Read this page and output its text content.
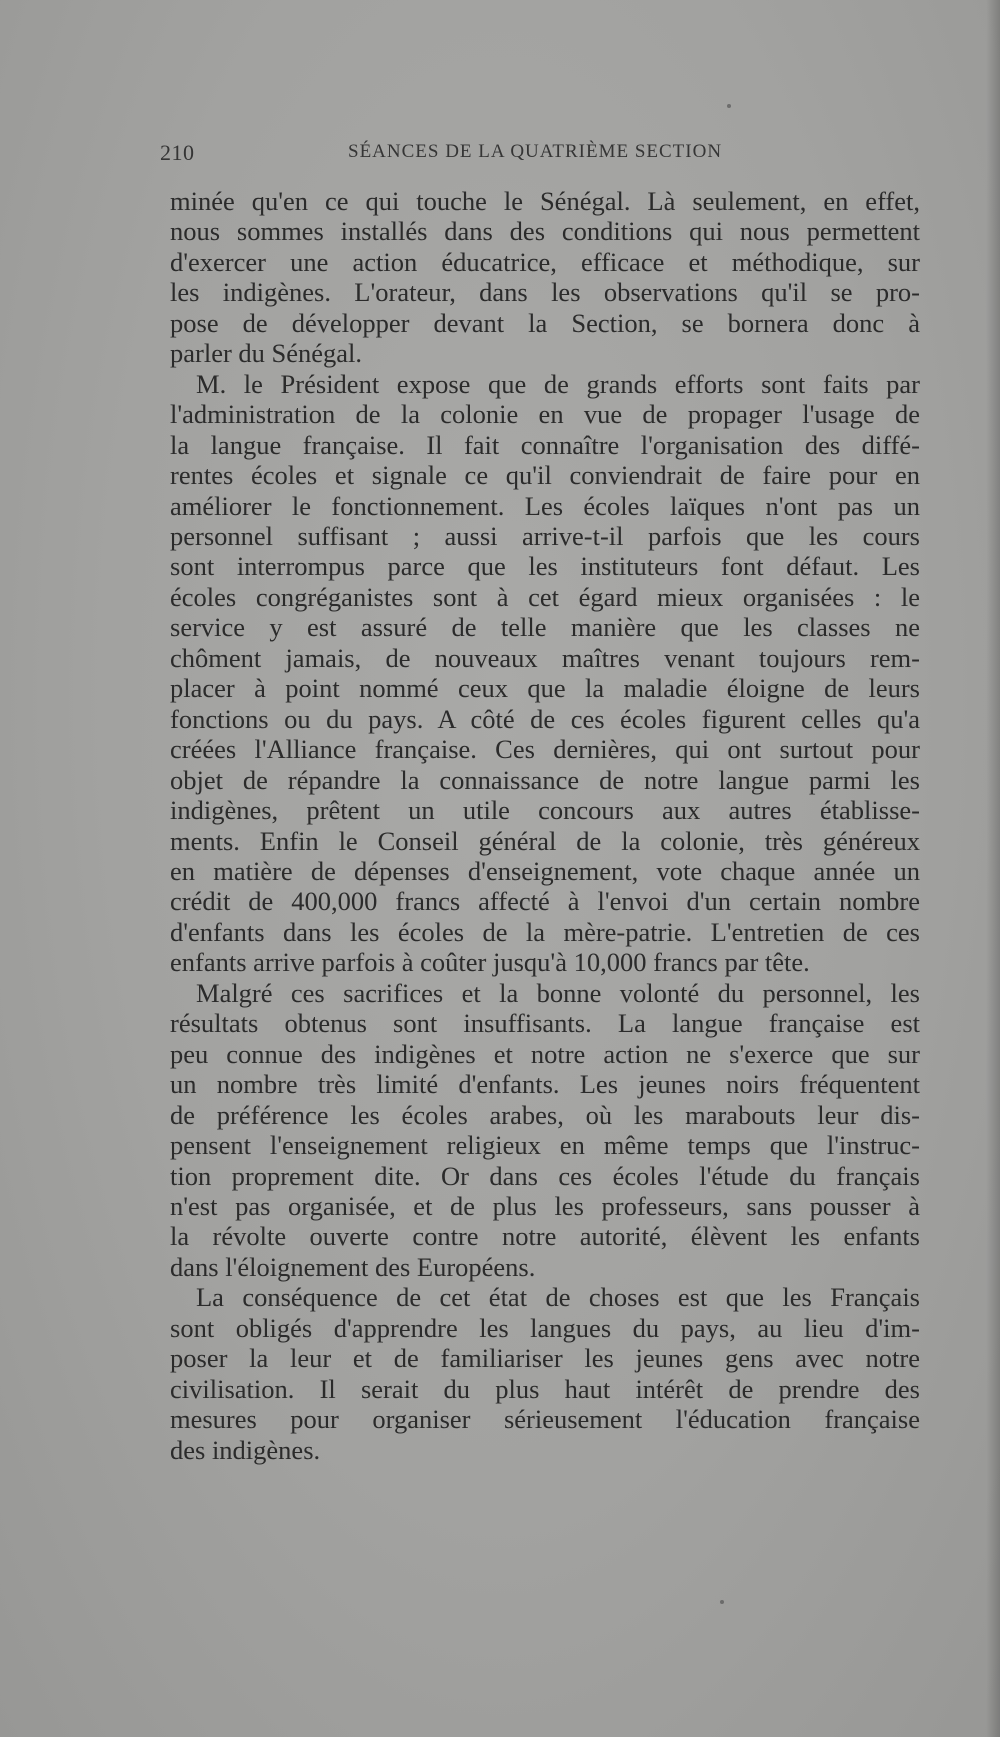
210	SÉANCES DE LA QUATRIÈME SECTION
minée qu'en ce qui touche le Sénégal. Là seulement, en effet,
nous sommes installés dans des conditions qui nous permettent
d'exercer une action éducatrice, efficace et méthodique, sur
les indigènes. L'orateur, dans les observations qu'il se pro-
pose de développer devant la Section, se bornera donc à
parler du Sénégal.
M. le Président expose que de grands efforts sont faits par
l'administration de la colonie en vue de propager l'usage de
la langue française. Il fait connaître l'organisation des diffé-
rentes écoles et signale ce qu'il conviendrait de faire pour en
améliorer le fonctionnement. Les écoles laïques n'ont pas un
personnel suffisant ; aussi arrive-t-il parfois que les cours
sont interrompus parce que les instituteurs font défaut. Les
écoles congréganistes sont à cet égard mieux organisées : le
service y est assuré de telle manière que les classes ne
chôment jamais, de nouveaux maîtres venant toujours rem-
placer à point nommé ceux que la maladie éloigne de leurs
fonctions ou du pays. A côté de ces écoles figurent celles qu'a
créées l'Alliance française. Ces dernières, qui ont surtout pour
objet de répandre la connaissance de notre langue parmi les
indigènes, prêtent un utile concours aux autres établisse-
ments. Enfin le Conseil général de la colonie, très généreux
en matière de dépenses d'enseignement, vote chaque année un
crédit de 400,000 francs affecté à l'envoi d'un certain nombre
d'enfants dans les écoles de la mère-patrie. L'entretien de ces
enfants arrive parfois à coûter jusqu'à 10,000 francs par tête.
Malgré ces sacrifices et la bonne volonté du personnel, les
résultats obtenus sont insuffisants. La langue française est
peu connue des indigènes et notre action ne s'exerce que sur
un nombre très limité d'enfants. Les jeunes noirs fréquentent
de préférence les écoles arabes, où les marabouts leur dis-
pensent l'enseignement religieux en même temps que l'instruc-
tion proprement dite. Or dans ces écoles l'étude du français
n'est pas organisée, et de plus les professeurs, sans pousser à
la révolte ouverte contre notre autorité, élèvent les enfants
dans l'éloignement des Européens.
La conséquence de cet état de choses est que les Français
sont obligés d'apprendre les langues du pays, au lieu d'im-
poser la leur et de familiariser les jeunes gens avec notre
civilisation. Il serait du plus haut intérêt de prendre des
mesures pour organiser sérieusement l'éducation française
des indigènes.
